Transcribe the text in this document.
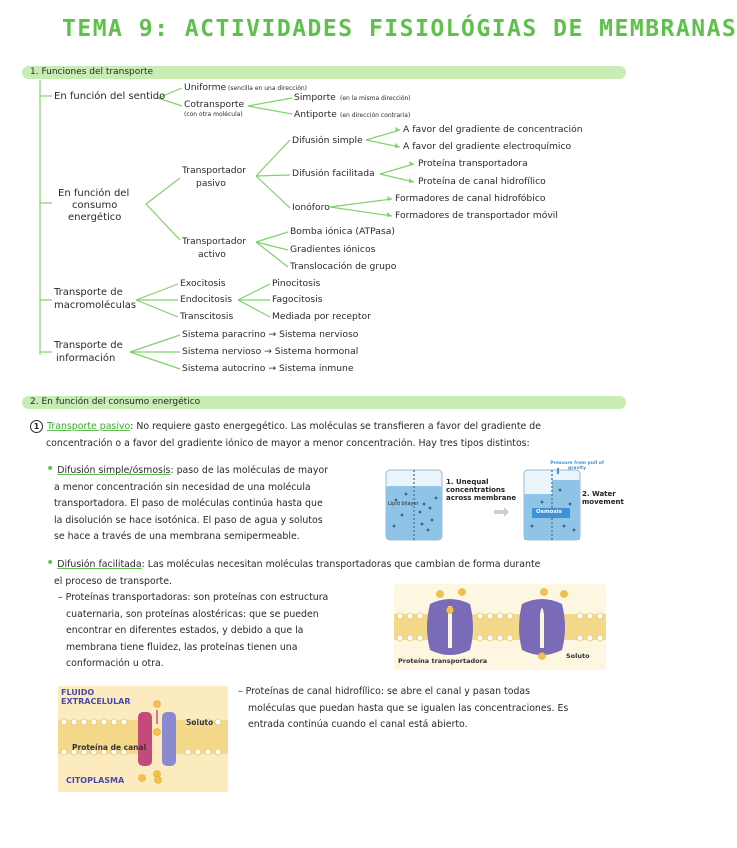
TEMA 9: ACTIVIDADES FISIOLÓGIAS DE MEMBRANAS
1. Funciones del transporte
En función del sentido
Uniforme (sencilla en una dirección)
Cotransporte
(con otra molécula)
Simporte (en la misma dirección)
Antiporte (en dirección contraria)
En función del
consumo
energético
Transportador
pasivo
Difusión simple
A favor del gradiente de concentración
A favor del gradiente electroquímico
Difusión facilitada
Proteína transportadora
Proteína de canal hidrofílico
Ionóforo
Formadores de canal hidrofóbico
Formadores de transportador móvil
Transportador
activo
Bomba iónica (ATPasa)
Gradientes iónicos
Translocación de grupo
Transporte de
macromoléculas
Exocitosis
Endocitosis
Transcitosis
Pinocitosis
Fagocitosis
Mediada por receptor
Transporte de
información
Sistema paracrino → Sistema nervioso
Sistema nervioso → Sistema hormonal
Sistema autocrino → Sistema inmune
2. En función del consumo energético
1 Transporte pasivo: No requiere gasto energegético. Las moléculas se transfieren a favor del gradiente de
concentración o a favor del gradiente iónico de mayor a menor concentración. Hay tres tipos distintos:
• Difusión simple/ósmosis: paso de las moléculas de mayor
a menor concentración sin necesidad de una molécula
transportadora. El paso de moléculas continúa hasta que
la disolución se hace isotónica. El paso de agua y solutos
se hace a través de una membrana semipermeable.
Lipid bilayer
1. Unequal
concentrations
across membrane	2. Water
movement
Pressure from pull of gravity
Osmosis
• Difusión facilitada: Las moléculas necesitan moléculas transportadoras que cambian de forma durante
el proceso de transporte.
– Proteínas transportadoras: son proteínas con estructura
cuaternaria, son proteínas alostéricas: que se pueden
encontrar en diferentes estados, y debido a que la
membrana tiene fluidez, las proteínas tienen una
conformación u otra.	Proteína transportadora
Soluto
FLUIDO EXTRACELULAR
Soluto
Proteína de canal
CITOPLASMA
– Proteínas de canal hidrofílico: se abre el canal y pasan todas
moléculas que puedan hasta que se igualen las concentraciones. Es
entrada continúa cuando el canal está abierto.
